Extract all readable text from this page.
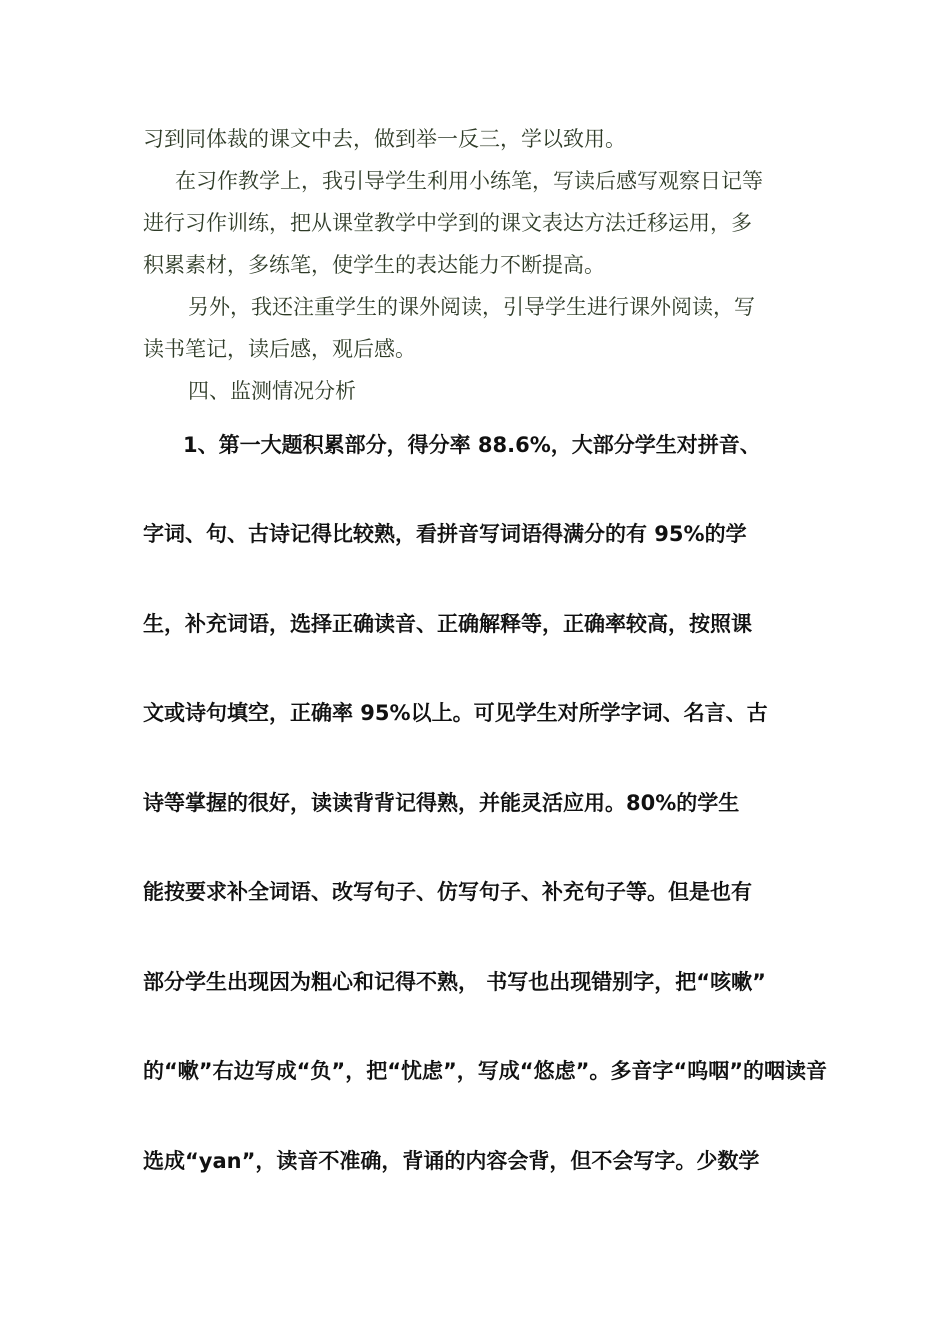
习到同体裁的课文中去，做到举一反三，学以致用。

在习作教学上，我引导学生利用小练笔，写读后感写观察日记等

进行习作训练，把从课堂教学中学到的课文表达方法迁移运用，多

积累素材，多练笔，使学生的表达能力不断提高。

另外，我还注重学生的课外阅读，引导学生进行课外阅读，写

读书笔记，读后感，观后感。

四、监测情况分析

1、第一大题积累部分，得分率 88.6%，大部分学生对拼音、

字词、句、古诗记得比较熟，看拼音写词语得满分的有 95%的学

生，补充词语，选择正确读音、正确解释等，正确率较高，按照课

文或诗句填空，正确率 95%以上。可见学生对所学字词、名言、古

诗等掌握的很好，读读背背记得熟，并能灵活应用。80%的学生

能按要求补全词语、改写句子、仿写句子、补充句子等。但是也有

部分学生出现因为粗心和记得不熟， 书写也出现错别字，把“咳嗽”

的“嗽”右边写成“负”，把“忧虑”，写成“悠虑”。多音字“呜咽”的咽读音

选成“yan”，读音不准确，背诵的内容会背，但不会写字。少数学
